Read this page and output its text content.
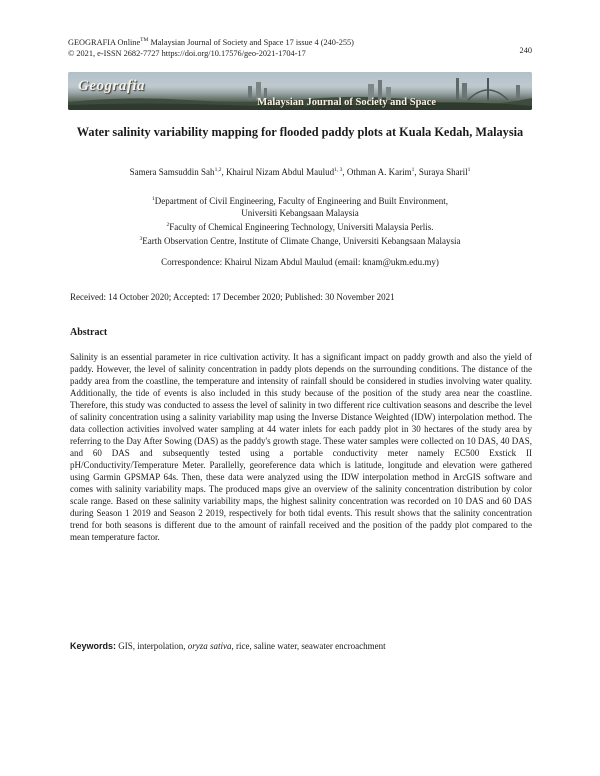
GEOGRAFIA Online™ Malaysian Journal of Society and Space 17 issue 4 (240-255)
© 2021, e-ISSN 2682-7727 https://doi.org/10.17576/geo-2021-1704-17	240
Geografia
Malaysian Journal of Society and Space
Water salinity variability mapping for flooded paddy plots at Kuala Kedah, Malaysia

Samera Samsuddin Sah$^{1,2}$, Khairul Nizam Abdul Maulud$^{1, 3}$, Othman A. Karim$^1$, Suraya Sharil$^1$

$^1$Department of Civil Engineering, Faculty of Engineering and Built Environment,
Universiti Kebangsaan Malaysia
$^2$Faculty of Chemical Engineering Technology, Universiti Malaysia Perlis.
$^3$Earth Observation Centre, Institute of Climate Change, Universiti Kebangsaan Malaysia

Correspondence: Khairul Nizam Abdul Maulud (email: knam@ukm.edu.my)

Received: 14 October 2020; Accepted: 17 December 2020; Published: 30 November 2021

Abstract

Salinity is an essential parameter in rice cultivation activity. It has a significant impact on paddy growth and also the yield of paddy. However, the level of salinity concentration in paddy plots depends on the surrounding conditions. The distance of the paddy area from the coastline, the temperature and intensity of rainfall should be considered in studies involving water quality. Additionally, the tide of events is also included in this study because of the position of the study area near the coastline. Therefore, this study was conducted to assess the level of salinity in two different rice cultivation seasons and describe the level of salinity concentration using a salinity variability map using the Inverse Distance Weighted (IDW) interpolation method. The data collection activities involved water sampling at 44 water inlets for each paddy plot in 30 hectares of the study area by referring to the Day After Sowing (DAS) as the paddy's growth stage. These water samples were collected on 10 DAS, 40 DAS, and 60 DAS and subsequently tested using a portable conductivity meter namely EC500 Exstick II pH/Conductivity/Temperature Meter. Parallelly, georeference data which is latitude, longitude and elevation were gathered using Garmin GPSMAP 64s. Then, these data were analyzed using the IDW interpolation method in ArcGIS software and comes with salinity variability maps. The produced maps give an overview of the salinity concentration distribution by color scale range. Based on these salinity variability maps, the highest salinity concentration was recorded on 10 DAS and 60 DAS during Season 1 2019 and Season 2 2019, respectively for both tidal events. This result shows that the salinity concentration trend for both seasons is different due to the amount of rainfall received and the position of the paddy plot compared to the mean temperature factor.

Keywords: GIS, interpolation, oryza sativa, rice, saline water, seawater encroachment
